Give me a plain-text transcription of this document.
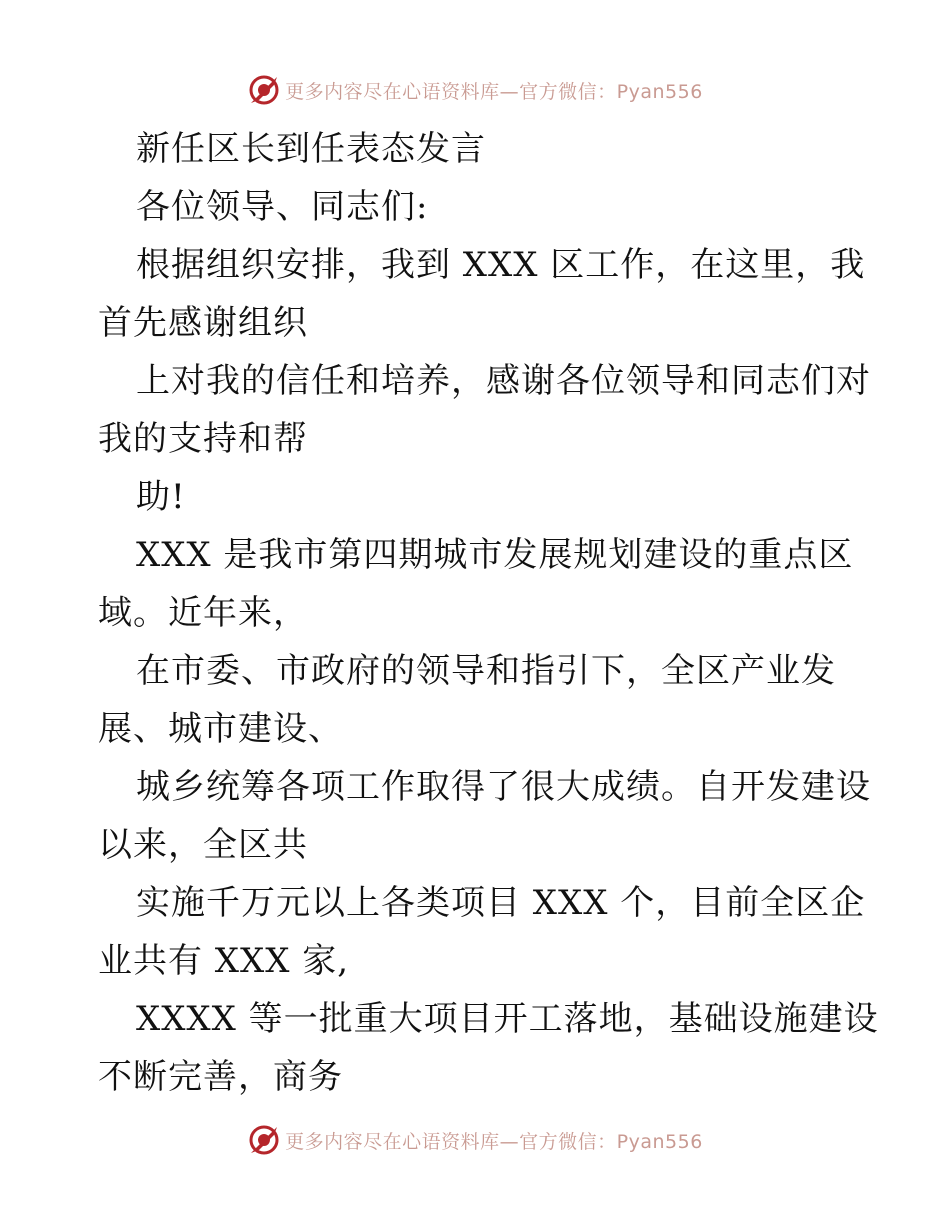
更多内容尽在心语资料库—官方微信：Pyan556
新任区长到任表态发言
各位领导、同志们:
根据组织安排，我到 XXX 区工作，在这里，我
首先感谢组织
上对我的信任和培养，感谢各位领导和同志们对
我的支持和帮
助!
XXX 是我市第四期城市发展规划建设的重点区
域。近年来，
在市委、市政府的领导和指引下，全区产业发
展、城市建设、
城乡统筹各项工作取得了很大成绩。自开发建设
以来，全区共
实施千万元以上各类项目 XXX 个，目前全区企
业共有 XXX 家,
XXXX 等一批重大项目开工落地，基础设施建设
不断完善，商务
更多内容尽在心语资料库—官方微信：Pyan556
